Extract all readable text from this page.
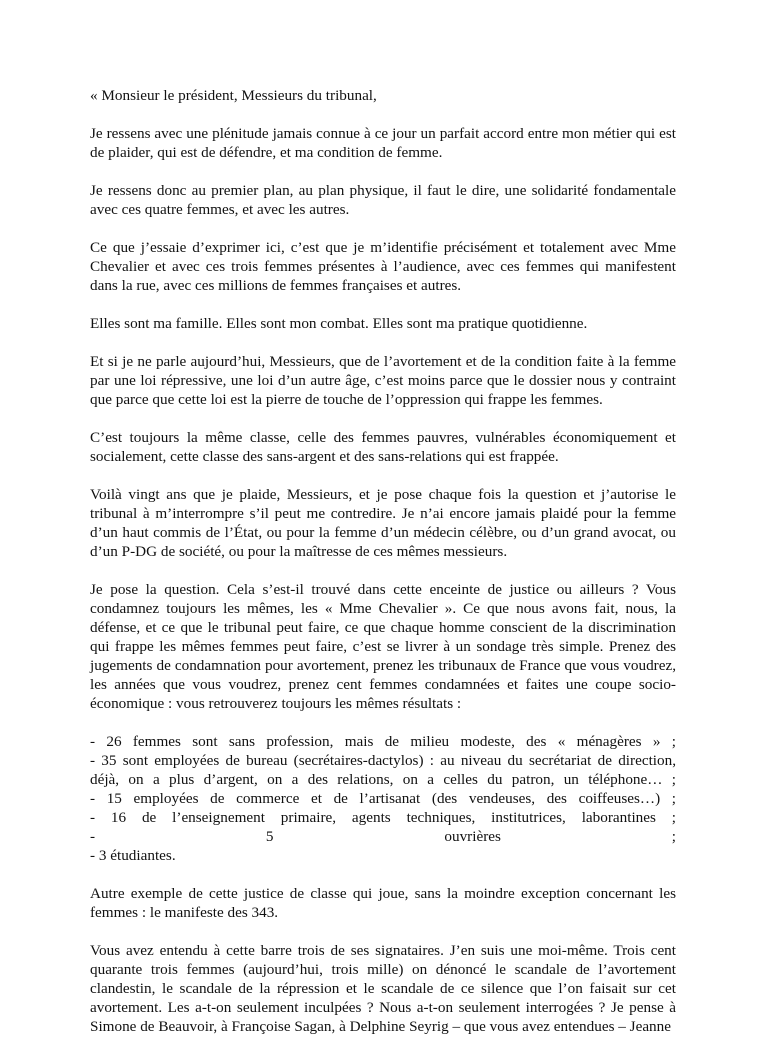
« Monsieur le président, Messieurs du tribunal,

Je ressens avec une plénitude jamais connue à ce jour un parfait accord entre mon métier qui est de plaider, qui est de défendre, et ma condition de femme.

Je ressens donc au premier plan, au plan physique, il faut le dire, une solidarité fondamentale avec ces quatre femmes, et avec les autres.

Ce que j’essaie d’exprimer ici, c’est que je m’identifie précisément et totalement avec Mme Chevalier et avec ces trois femmes présentes à l’audience, avec ces femmes qui manifestent dans la rue, avec ces millions de femmes françaises et autres.

Elles sont ma famille. Elles sont mon combat. Elles sont ma pratique quotidienne.

Et si je ne parle aujourd’hui, Messieurs, que de l’avortement et de la condition faite à la femme par une loi répressive, une loi d’un autre âge, c’est moins parce que le dossier nous y contraint que parce que cette loi est la pierre de touche de l’oppression qui frappe les femmes.

C’est toujours la même classe, celle des femmes pauvres, vulnérables économiquement et socialement, cette classe des sans-argent et des sans-relations qui est frappée.

Voilà vingt ans que je plaide, Messieurs, et je pose chaque fois la question et j’autorise le tribunal à m’interrompre s’il peut me contredire. Je n’ai encore jamais plaidé pour la femme d’un haut commis de l’État, ou pour la femme d’un médecin célèbre, ou d’un grand avocat, ou d’un P-DG de société, ou pour la maîtresse de ces mêmes messieurs.

Je pose la question. Cela s’est-il trouvé dans cette enceinte de justice ou ailleurs ? Vous condamnez toujours les mêmes, les « Mme Chevalier ». Ce que nous avons fait, nous, la défense, et ce que le tribunal peut faire, ce que chaque homme conscient de la discrimination qui frappe les mêmes femmes peut faire, c’est se livrer à un sondage très simple. Prenez des jugements de condamnation pour avortement, prenez les tribunaux de France que vous voudrez, les années que vous voudrez, prenez cent femmes condamnées et faites une coupe socio-économique : vous retrouverez toujours les mêmes résultats :

- 26 femmes sont sans profession, mais de milieu modeste, des « ménagères » ;
- 35 sont employées de bureau (secrétaires-dactylos) : au niveau du secrétariat de direction, déjà, on a plus d’argent, on a des relations, on a celles du patron, un téléphone… ;
- 15 employées de commerce et de l’artisanat (des vendeuses, des coiffeuses…) ;
- 16 de l’enseignement primaire, agents techniques, institutrices, laborantines ;
- 5 ouvrières ;
- 3 étudiantes.

Autre exemple de cette justice de classe qui joue, sans la moindre exception concernant les femmes : le manifeste des 343.

Vous avez entendu à cette barre trois de ses signataires. J’en suis une moi-même. Trois cent quarante trois femmes (aujourd’hui, trois mille) on dénoncé le scandale de l’avortement clandestin, le scandale de la répression et le scandale de ce silence que l’on faisait sur cet avortement. Les a-t-on seulement inculpées ? Nous a-t-on seulement interrogées ? Je pense à Simone de Beauvoir, à Françoise Sagan, à Delphine Seyrig – que vous avez entendues – Jeanne
